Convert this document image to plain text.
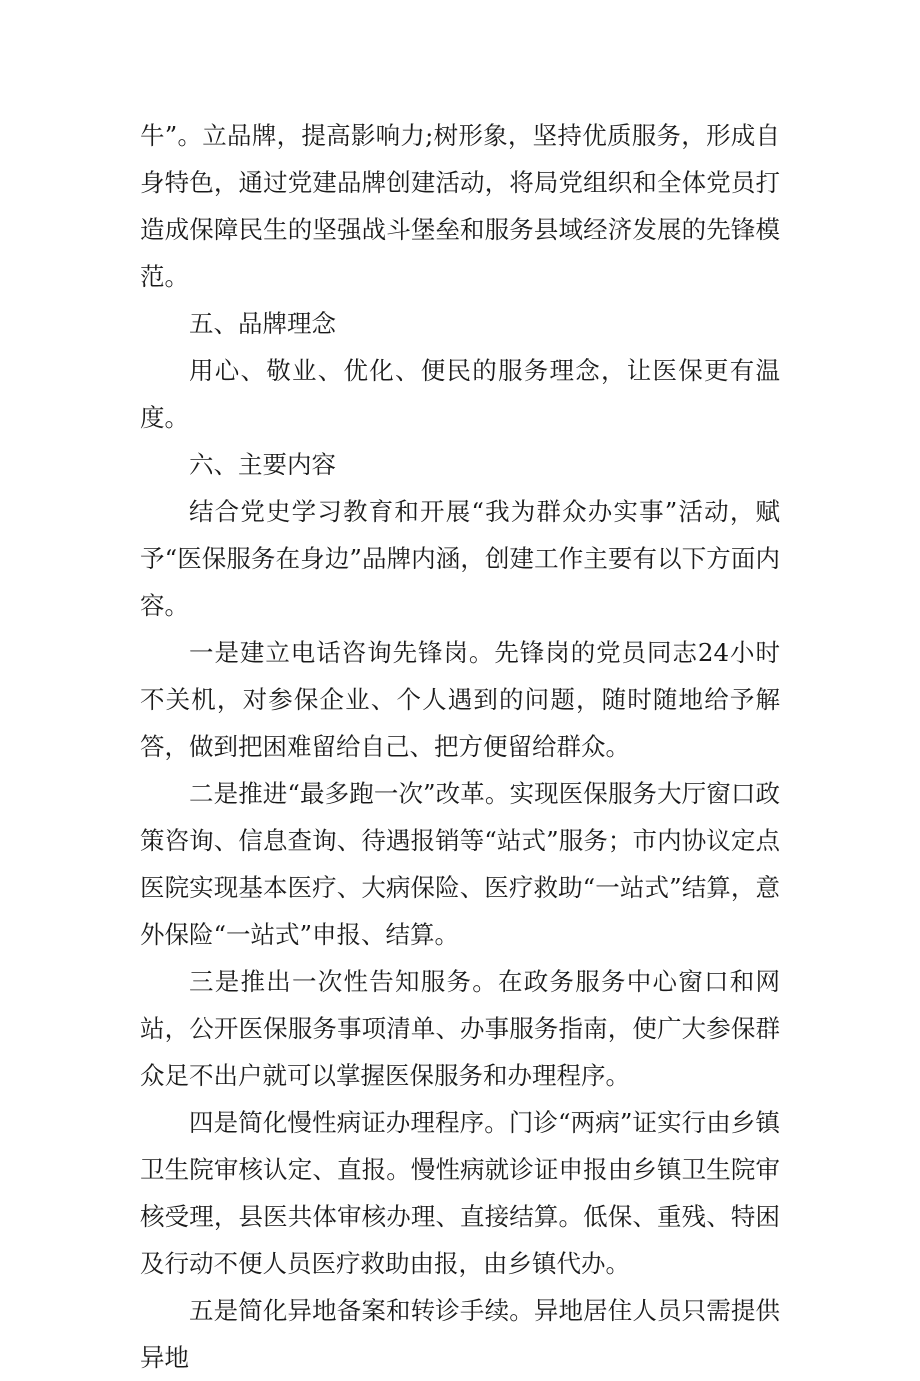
牛”。立品牌，提高影响力;树形象，坚持优质服务，形成自身特色，通过党建品牌创建活动，将局党组织和全体党员打造成保障民生的坚强战斗堡垒和服务县域经济发展的先锋模范。

五、品牌理念

用心、敬业、优化、便民的服务理念，让医保更有温度。

六、主要内容

结合党史学习教育和开展“我为群众办实事”活动，赋予“医保服务在身边”品牌内涵，创建工作主要有以下方面内容。

一是建立电话咨询先锋岗。先锋岗的党员同志24小时不关机，对参保企业、个人遇到的问题，随时随地给予解答，做到把困难留给自己、把方便留给群众。

二是推进“最多跑一次”改革。实现医保服务大厅窗口政策咨询、信息查询、待遇报销等“站式”服务；市内协议定点医院实现基本医疗、大病保险、医疗救助“一站式”结算，意外保险“一站式”申报、结算。

三是推出一次性告知服务。在政务服务中心窗口和网站，公开医保服务事项清单、办事服务指南，使广大参保群众足不出户就可以掌握医保服务和办理程序。

四是简化慢性病证办理程序。门诊“两病”证实行由乡镇卫生院审核认定、直报。慢性病就诊证申报由乡镇卫生院审核受理，县医共体审核办理、直接结算。低保、重残、特困及行动不便人员医疗救助由报，由乡镇代办。

五是简化异地备案和转诊手续。异地居住人员只需提供异地
